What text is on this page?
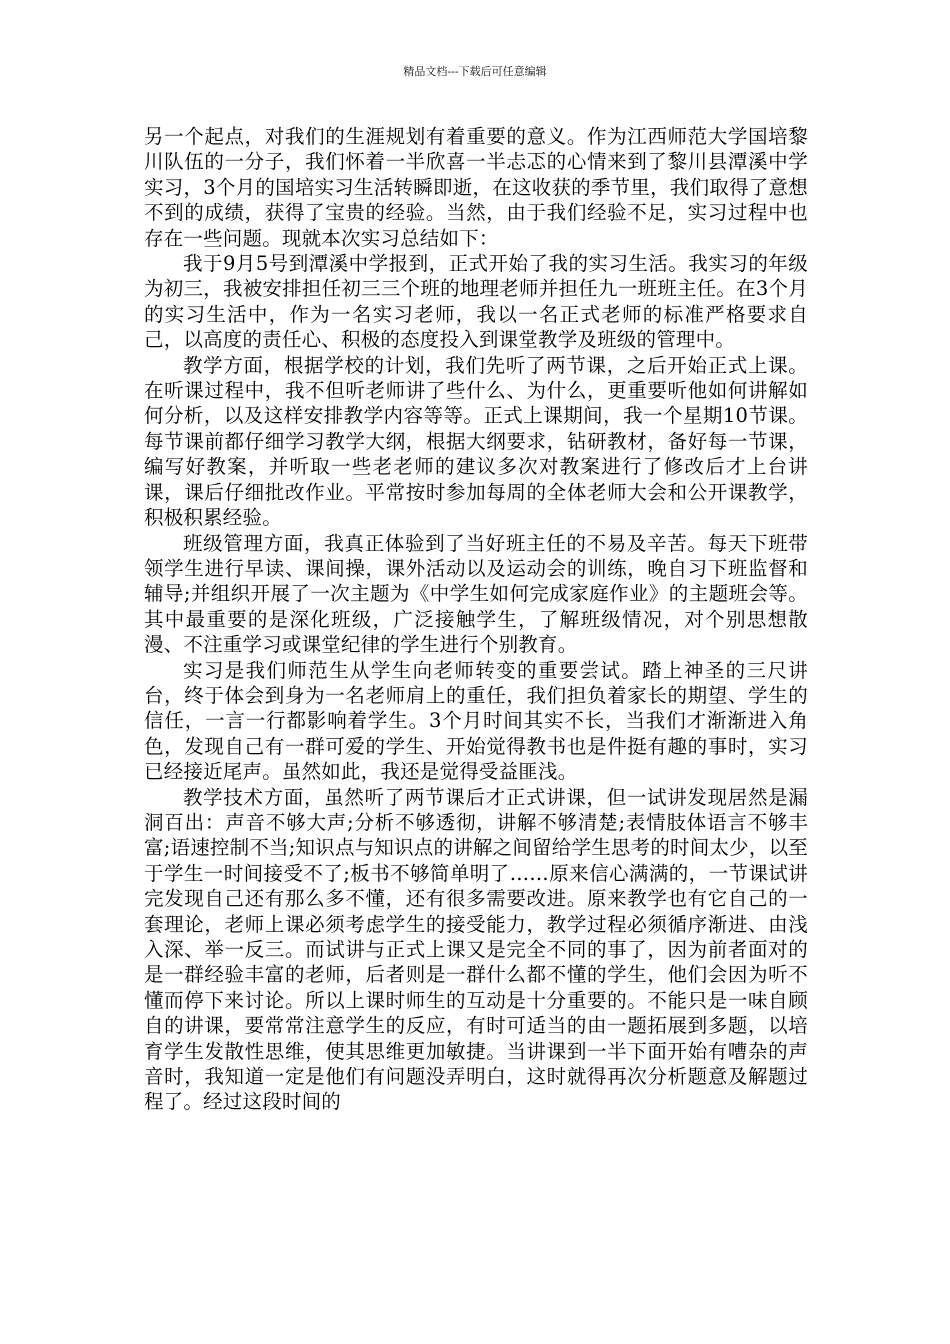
精品文档---下载后可任意编辑

另一个起点，对我们的生涯规划有着重要的意义。作为江西师范大学国培黎川队伍的一分子，我们怀着一半欣喜一半忐忑的心情来到了黎川县潭溪中学实习，3个月的国培实习生活转瞬即逝，在这收获的季节里，我们取得了意想不到的成绩，获得了宝贵的经验。当然，由于我们经验不足，实习过程中也存在一些问题。现就本次实习总结如下：

我于9月5号到潭溪中学报到，正式开始了我的实习生活。我实习的年级为初三，我被安排担任初三三个班的地理老师并担任九一班班主任。在3个月的实习生活中，作为一名实习老师，我以一名正式老师的标准严格要求自己，以高度的责任心、积极的态度投入到课堂教学及班级的管理中。

教学方面，根据学校的计划，我们先听了两节课，之后开始正式上课。在听课过程中，我不但听老师讲了些什么、为什么，更重要听他如何讲解如何分析，以及这样安排教学内容等等。正式上课期间，我一个星期10节课。每节课前都仔细学习教学大纲，根据大纲要求，钻研教材，备好每一节课，编写好教案，并听取一些老老师的建议多次对教案进行了修改后才上台讲课，课后仔细批改作业。平常按时参加每周的全体老师大会和公开课教学，积极积累经验。

班级管理方面，我真正体验到了当好班主任的不易及辛苦。每天下班带领学生进行早读、课间操，课外活动以及运动会的训练，晚自习下班监督和辅导;并组织开展了一次主题为《中学生如何完成家庭作业》的主题班会等。其中最重要的是深化班级，广泛接触学生，了解班级情况，对个别思想散漫、不注重学习或课堂纪律的学生进行个别教育。

实习是我们师范生从学生向老师转变的重要尝试。踏上神圣的三尺讲台，终于体会到身为一名老师肩上的重任，我们担负着家长的期望、学生的信任，一言一行都影响着学生。3个月时间其实不长，当我们才渐渐进入角色，发现自己有一群可爱的学生、开始觉得教书也是件挺有趣的事时，实习已经接近尾声。虽然如此，我还是觉得受益匪浅。

教学技术方面，虽然听了两节课后才正式讲课，但一试讲发现居然是漏洞百出：声音不够大声;分析不够透彻，讲解不够清楚;表情肢体语言不够丰富;语速控制不当;知识点与知识点的讲解之间留给学生思考的时间太少，以至于学生一时间接受不了;板书不够简单明了……原来信心满满的，一节课试讲完发现自己还有那么多不懂，还有很多需要改进。原来教学也有它自己的一套理论，老师上课必须考虑学生的接受能力，教学过程必须循序渐进、由浅入深、举一反三。而试讲与正式上课又是完全不同的事了，因为前者面对的是一群经验丰富的老师，后者则是一群什么都不懂的学生，他们会因为听不懂而停下来讨论。所以上课时师生的互动是十分重要的。不能只是一味自顾自的讲课，要常常注意学生的反应，有时可适当的由一题拓展到多题，以培育学生发散性思维，使其思维更加敏捷。当讲课到一半下面开始有嘈杂的声音时，我知道一定是他们有问题没弄明白，这时就得再次分析题意及解题过程了。经过这段时间的
